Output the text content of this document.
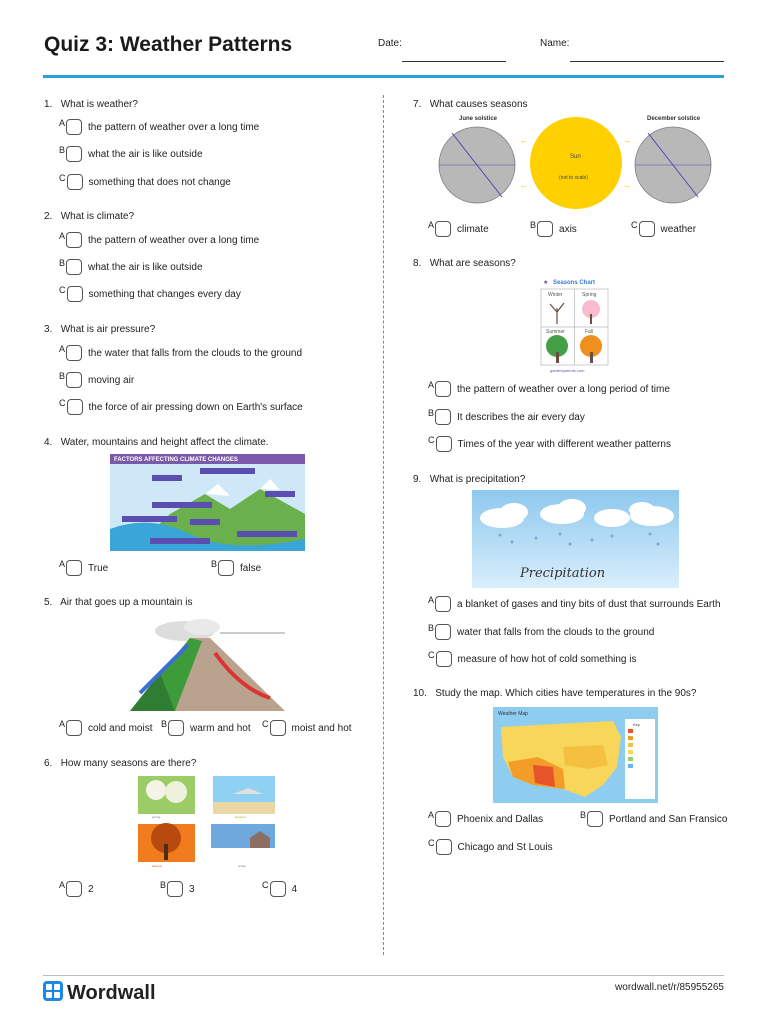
Quiz 3: Weather Patterns	Date:	Name:
1. What is weather?
A the pattern of weather over a long time
B what the air is like outside
C something that does not change
2. What is climate?
A the pattern of weather over a long time
B what the air is like outside
C something that changes every day
3. What is air pressure?
A the water that falls from the clouds to the ground
B moving air
C the force of air pressing down on Earth's surface
4. Water, mountains and height affect the climate.
FACTORS AFFECTING CLIMATE CHANGES
A True	B false
5. Air that goes up a mountain is
A cold and moist B warm and hot C moist and hot
6. How many seasons are there?
spring	summer
autumn	winter
A 2	B 3	C 4
7. What causes seasons
June solstice	December solstice
Sun
(not to scale)
←
←
→
→
A climate	B axis	C weather
8. What are seasons?
★ Seasons Chart
Winter	Spring
Summer	Fall
gardenparents.com
A the pattern of weather over a long period of time
B It describes the air every day
C Times of the year with different weather patterns
9. What is precipitation?
Precipitation
A a blanket of gases and tiny bits of dust that surrounds Earth
B water that falls from the clouds to the ground
C measure of how hot of cold something is
10. Study the map. Which cities have temperatures in the 90s?
Weather Map
Key
A Phoenix and Dallas	B Portland and San Fransico
C Chicago and St Louis
Wordwall	wordwall.net/r/85955265
